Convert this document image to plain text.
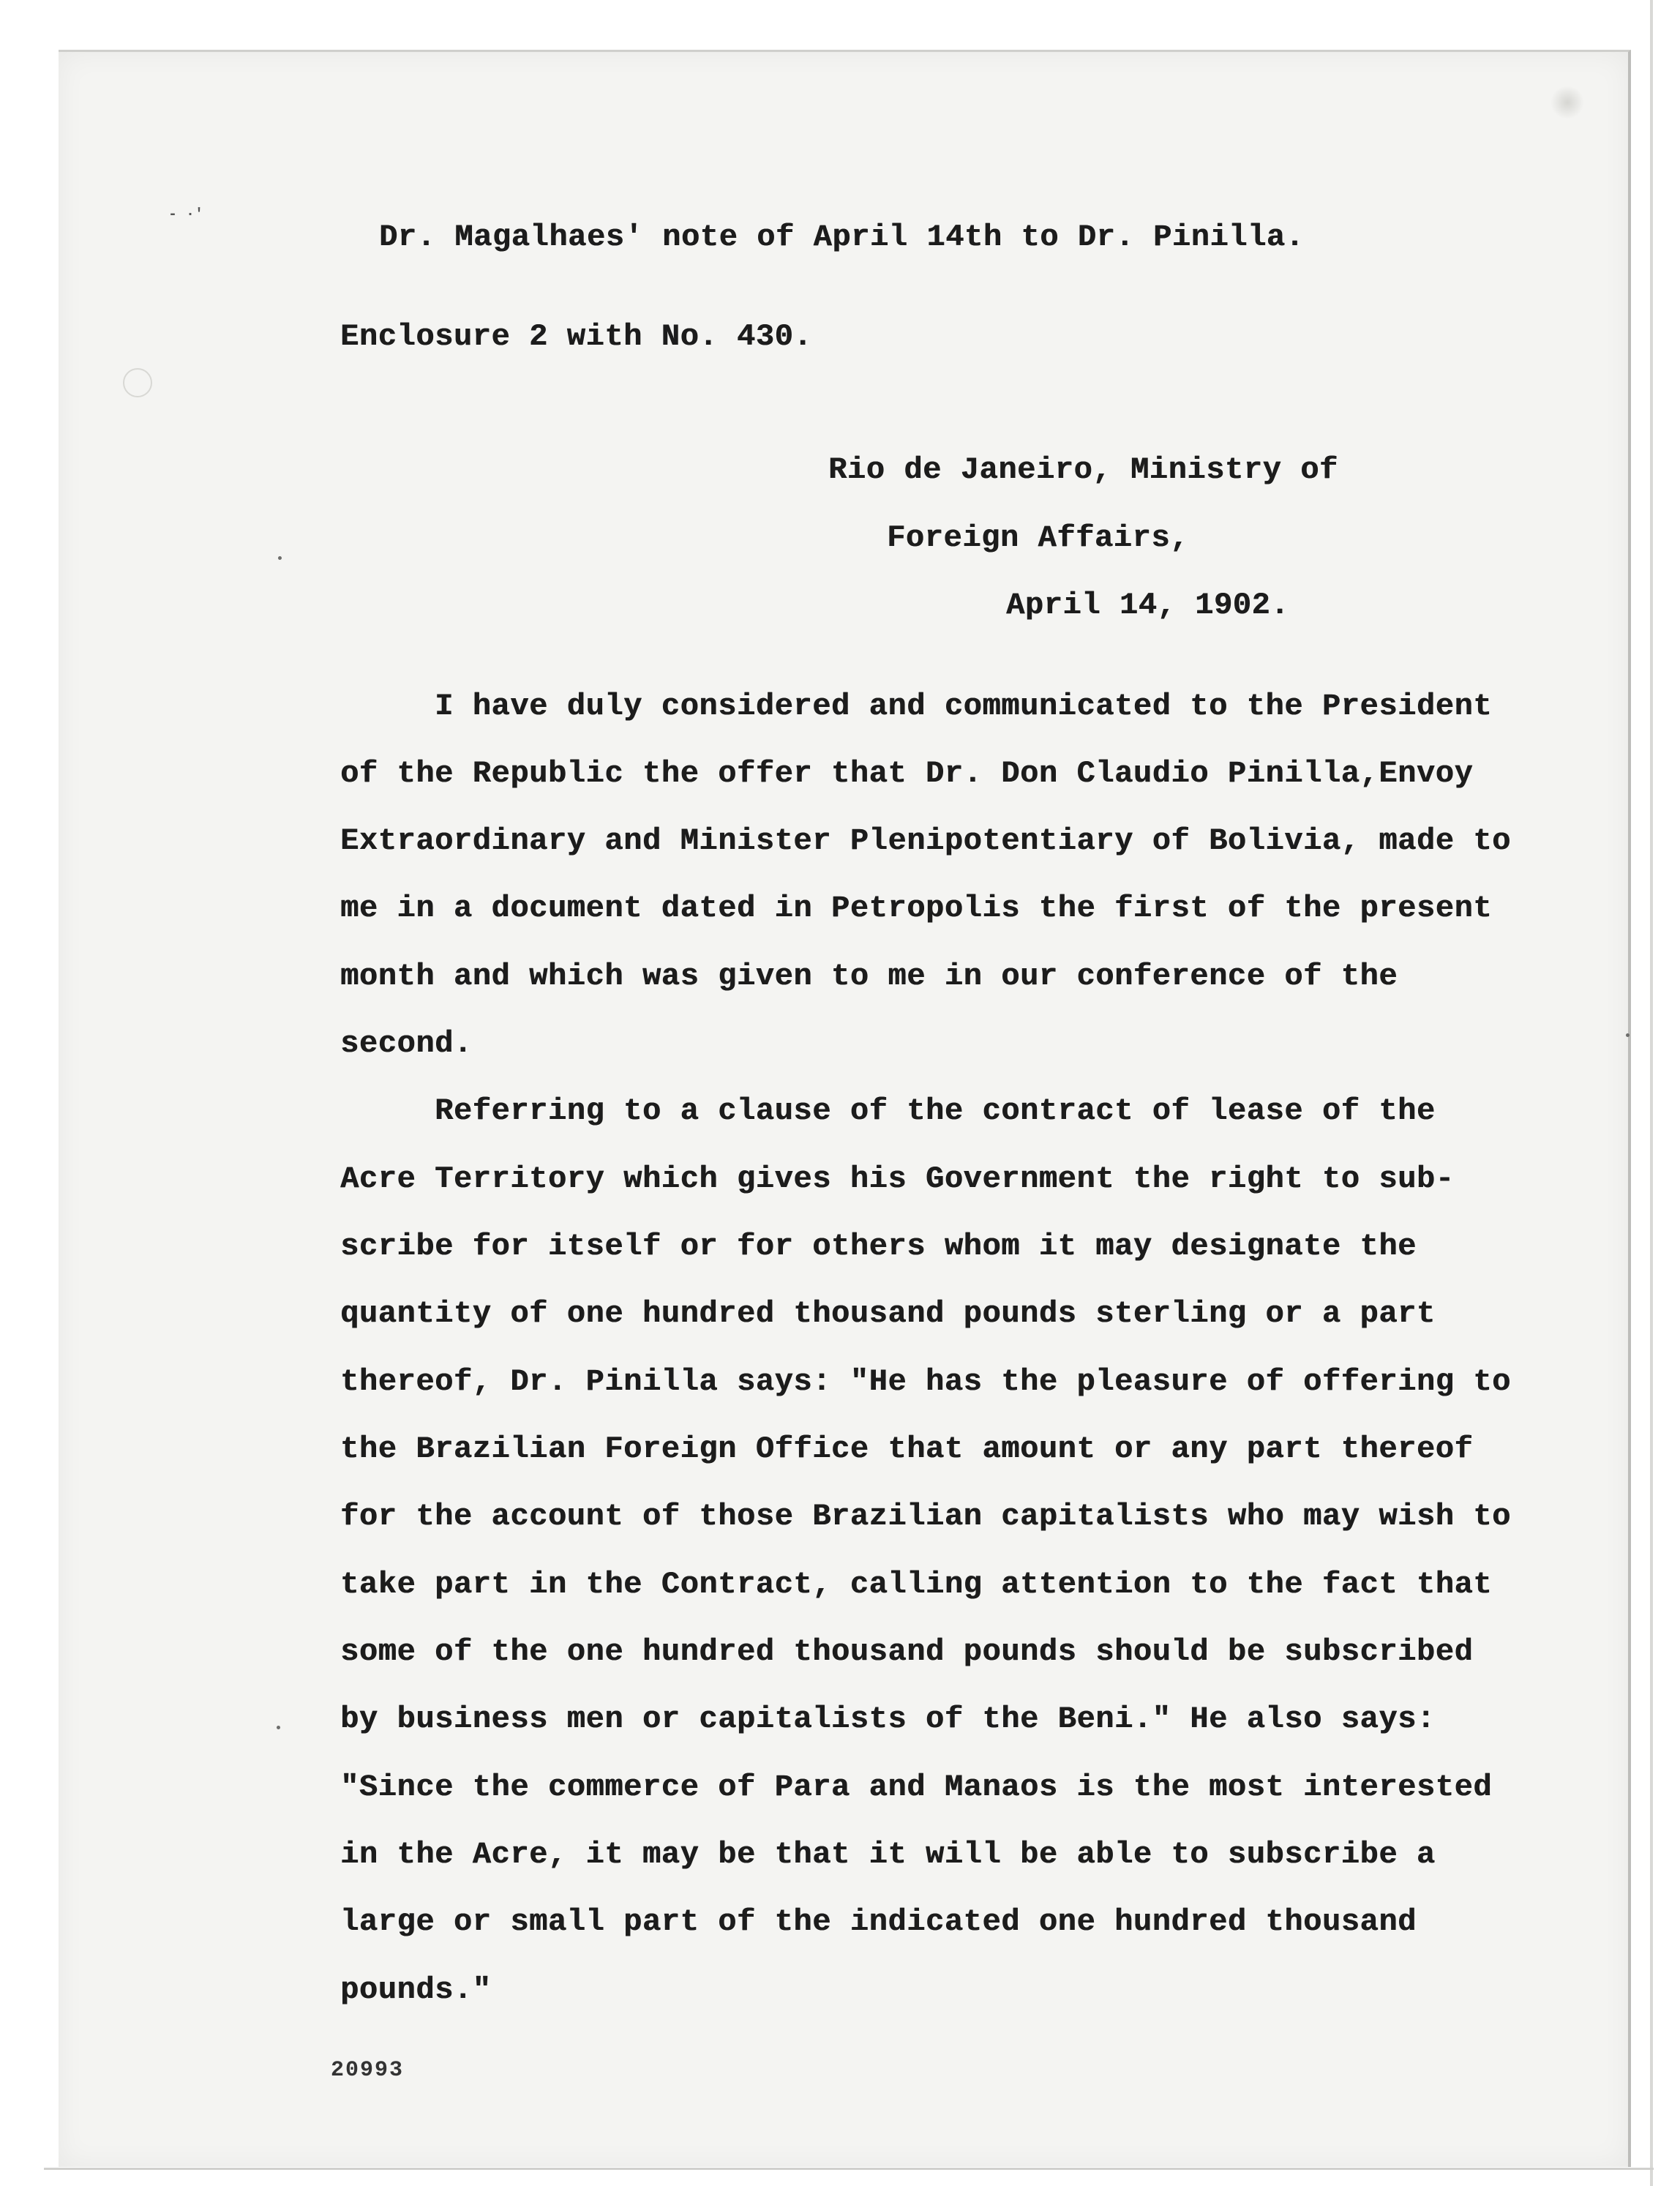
‐ ·ʹ
Dr. Magalhaes' note of April 14th to Dr. Pinilla.
Enclosure 2 with No. 430.
Rio de Janeiro, Ministry of
Foreign Affairs,
April 14, 1902.
I have duly considered and communicated to the President
of the Republic the offer that Dr. Don Claudio Pinilla,Envoy
Extraordinary and Minister Plenipotentiary of Bolivia, made to
me in a document dated in Petropolis the first of the present
month and which was given to me in our conference of the
second.
Referring to a clause of the contract of lease of the
Acre Territory which gives his Government the right to sub-
scribe for itself or for others whom it may designate the
quantity of one hundred thousand pounds sterling or a part
thereof, Dr. Pinilla says: "He has the pleasure of offering to
the Brazilian Foreign Office that amount or any part thereof
for the account of those Brazilian capitalists who may wish to
take part in the Contract, calling attention to the fact that
some of the one hundred thousand pounds should be subscribed
by business men or capitalists of the Beni." He also says:
"Since the commerce of Para and Manaos is the most interested
in the Acre, it may be that it will be able to subscribe a
large or small part of the indicated one hundred thousand
pounds."
20993
